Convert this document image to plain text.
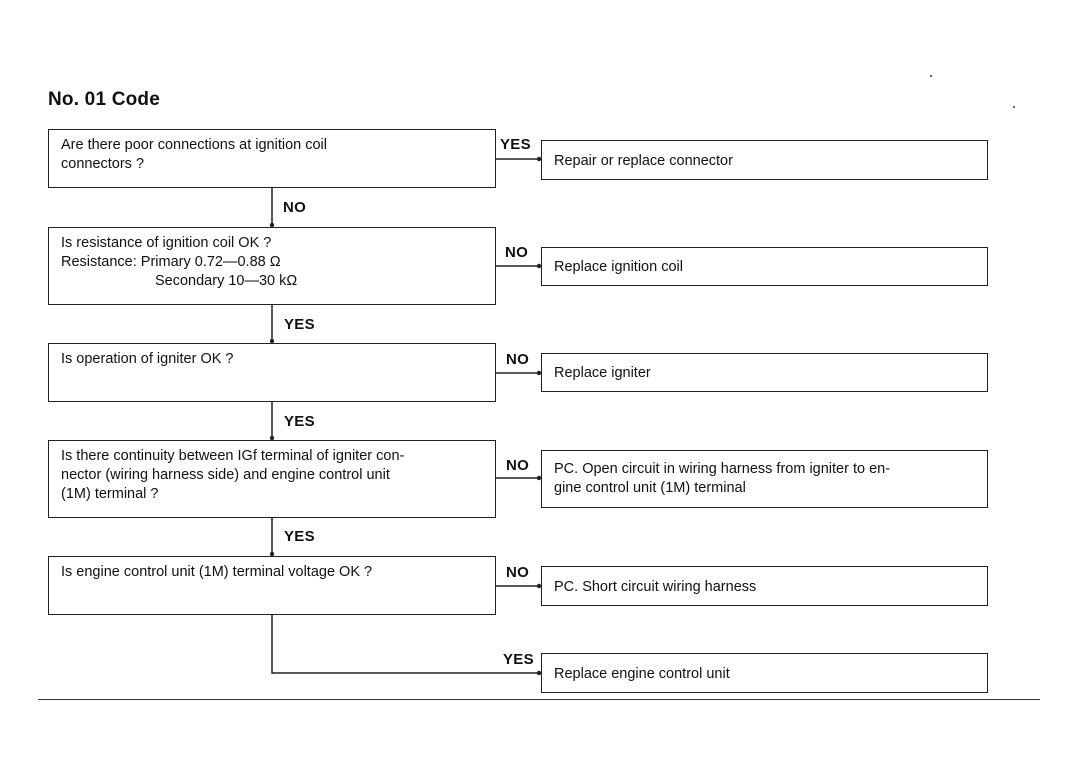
No. 01 Code
Are there poor connections at ignition coil
connectors ?
Is resistance of ignition coil OK ?
Resistance: Primary 0.72—0.88 Ω
Secondary 10—30 kΩ
Is operation of igniter OK ?
Is there continuity between IGf terminal of igniter con-
nector (wiring harness side) and engine control unit
(1M) terminal ?
Is engine control unit (1M) terminal voltage OK ?
Repair or replace connector
Replace ignition coil
Replace igniter
PC. Open circuit in wiring harness from igniter to en-
gine control unit (1M) terminal
PC. Short circuit wiring harness
Replace engine control unit
YES
NO
NO
YES
NO
YES
NO
YES
NO
YES
